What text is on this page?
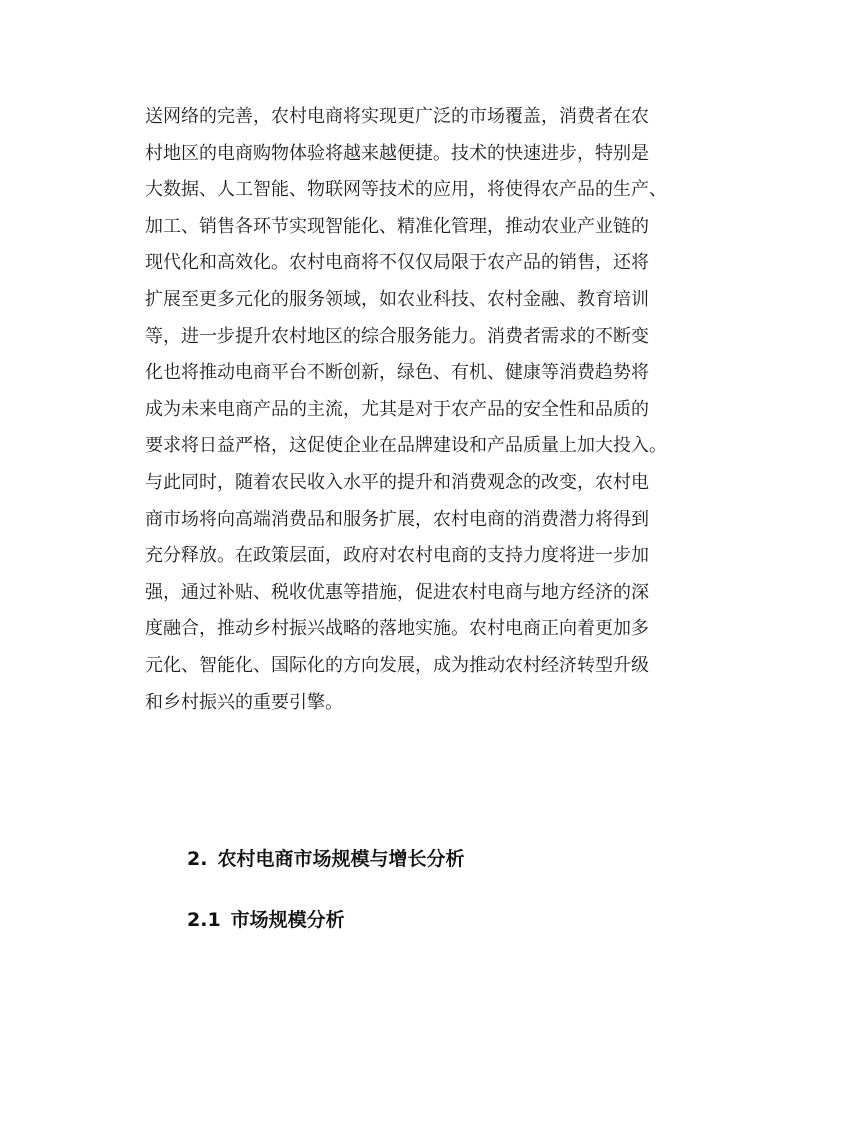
送网络的完善，农村电商将实现更广泛的市场覆盖，消费者在农
村地区的电商购物体验将越来越便捷。技术的快速进步，特别是
大数据、人工智能、物联网等技术的应用，将使得农产品的生产、
加工、销售各环节实现智能化、精准化管理，推动农业产业链的
现代化和高效化。农村电商将不仅仅局限于农产品的销售，还将
扩展至更多元化的服务领域，如农业科技、农村金融、教育培训
等，进一步提升农村地区的综合服务能力。消费者需求的不断变
化也将推动电商平台不断创新，绿色、有机、健康等消费趋势将
成为未来电商产品的主流，尤其是对于农产品的安全性和品质的
要求将日益严格，这促使企业在品牌建设和产品质量上加大投入。
与此同时，随着农民收入水平的提升和消费观念的改变，农村电
商市场将向高端消费品和服务扩展，农村电商的消费潜力将得到
充分释放。在政策层面，政府对农村电商的支持力度将进一步加
强，通过补贴、税收优惠等措施，促进农村电商与地方经济的深
度融合，推动乡村振兴战略的落地实施。农村电商正向着更加多
元化、智能化、国际化的方向发展，成为推动农村经济转型升级
和乡村振兴的重要引擎。

2. 农村电商市场规模与增长分析
2.1 市场规模分析
